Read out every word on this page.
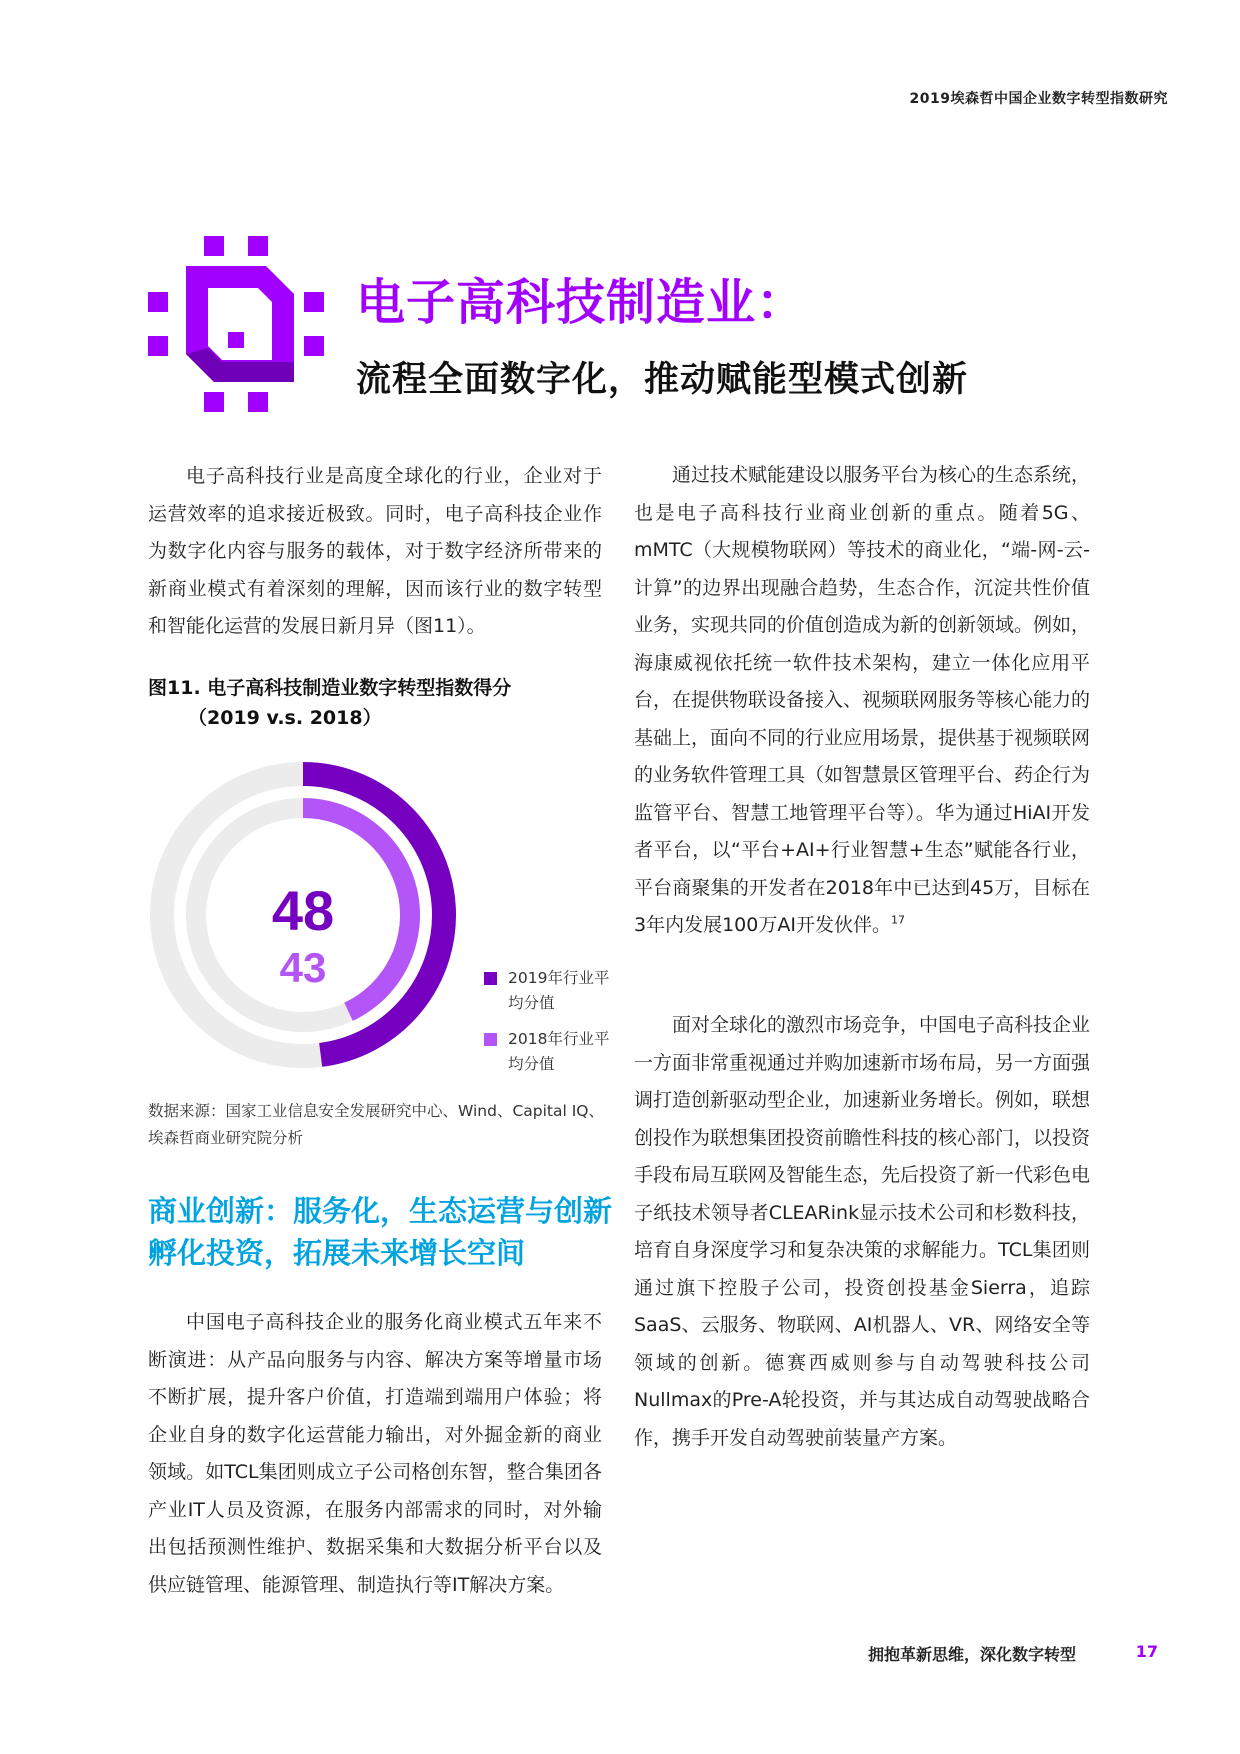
2019埃森哲中国企业数字转型指数研究
电子高科技制造业：
流程全面数字化，推动赋能型模式创新

电子高科技行业是高度全球化的行业，企业对于运营效率的追求接近极致。同时，电子高科技企业作为数字化内容与服务的载体，对于数字经济所带来的新商业模式有着深刻的理解，因而该行业的数字转型和智能化运营的发展日新月异（图11）。

图11. 电子高科技制造业数字转型指数得分
（2019 v.s. 2018）
48
43	2019年行业平均分值
2018年行业平均分值
数据来源：国家工业信息安全发展研究中心、Wind、Capital IQ、埃森哲商业研究院分析
商业创新：服务化，生态运营与创新
孵化投资，拓展未来增长空间

中国电子高科技企业的服务化商业模式五年来不断演进：从产品向服务与内容、解决方案等增量市场不断扩展，提升客户价值，打造端到端用户体验；将企业自身的数字化运营能力输出，对外掘金新的商业领域。如TCL集团则成立子公司格创东智，整合集团各产业IT人员及资源，在服务内部需求的同时，对外输出包括预测性维护、数据采集和大数据分析平台以及供应链管理、能源管理、制造执行等IT解决方案。

通过技术赋能建设以服务平台为核心的生态系统，也是电子高科技行业商业创新的重点。随着5G、mMTC（大规模物联网）等技术的商业化，“端-网-云-计算”的边界出现融合趋势，生态合作，沉淀共性价值业务，实现共同的价值创造成为新的创新领域。例如，海康威视依托统一软件技术架构，建立一体化应用平台，在提供物联设备接入、视频联网服务等核心能力的基础上，面向不同的行业应用场景，提供基于视频联网的业务软件管理工具（如智慧景区管理平台、药企行为监管平台、智慧工地管理平台等）。华为通过HiAI开发者平台，以“平台+AI+行业智慧+生态”赋能各行业，平台商聚集的开发者在2018年中已达到45万，目标在3年内发展100万AI开发伙伴。$^{17}$

面对全球化的激烈市场竞争，中国电子高科技企业一方面非常重视通过并购加速新市场布局，另一方面强调打造创新驱动型企业，加速新业务增长。例如，联想创投作为联想集团投资前瞻性科技的核心部门，以投资手段布局互联网及智能生态，先后投资了新一代彩色电子纸技术领导者CLEARink显示技术公司和杉数科技，培育自身深度学习和复杂决策的求解能力。TCL集团则通过旗下控股子公司，投资创投基金Sierra，追踪SaaS、云服务、物联网、AI机器人、VR、网络安全等领域的创新。德赛西威则参与自动驾驶科技公司Nullmax的Pre-A轮投资，并与其达成自动驾驶战略合作，携手开发自动驾驶前装量产方案。

拥抱革新思维，深化数字转型	17
